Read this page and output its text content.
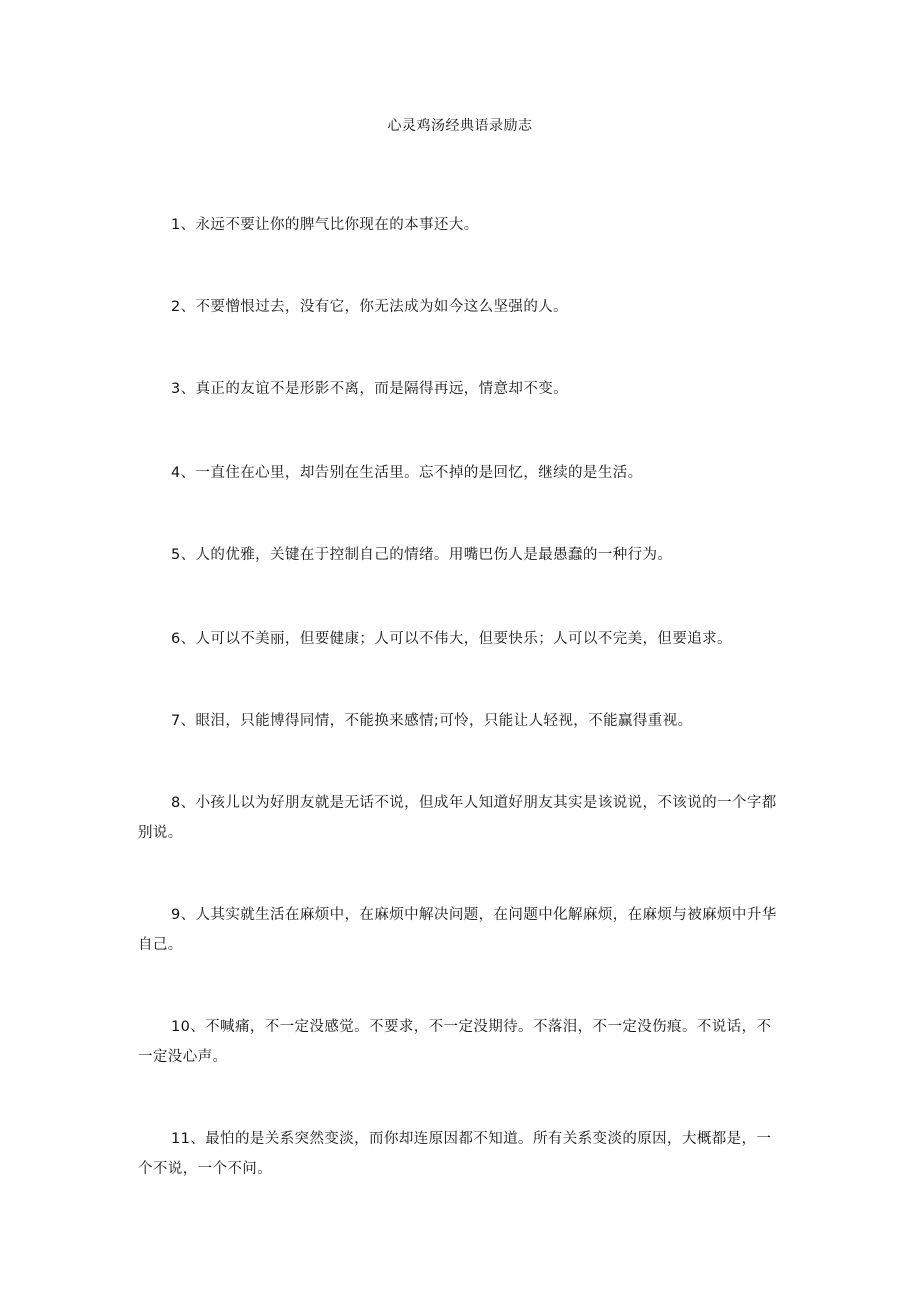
心灵鸡汤经典语录励志

1、永远不要让你的脾气比你现在的本事还大。

2、不要憎恨过去，没有它，你无法成为如今这么坚强的人。

3、真正的友谊不是形影不离，而是隔得再远，情意却不变。

4、一直住在心里，却告别在生活里。忘不掉的是回忆，继续的是生活。

5、人的优雅，关键在于控制自己的情绪。用嘴巴伤人是最愚蠢的一种行为。

6、人可以不美丽，但要健康；人可以不伟大，但要快乐；人可以不完美，但要追求。

7、眼泪，只能博得同情，不能换来感情;可怜，只能让人轻视，不能赢得重视。

8、小孩儿以为好朋友就是无话不说，但成年人知道好朋友其实是该说说，不该说的一个字都别说。

9、人其实就生活在麻烦中，在麻烦中解决问题，在问题中化解麻烦，在麻烦与被麻烦中升华自己。

10、不喊痛，不一定没感觉。不要求，不一定没期待。不落泪，不一定没伤痕。不说话，不一定没心声。

11、最怕的是关系突然变淡，而你却连原因都不知道。所有关系变淡的原因，大概都是，一个不说，一个不问。
